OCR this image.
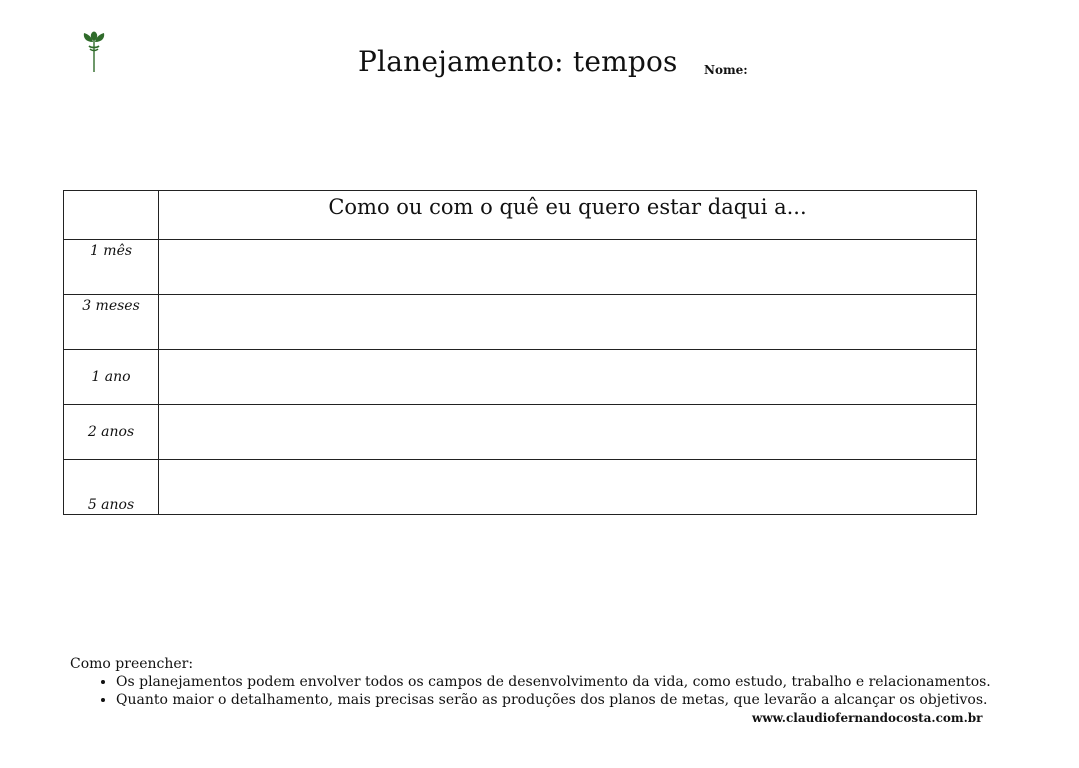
Planejamento: tempos Nome:
	Como ou com o quê eu quero estar daqui a...
1 mês	
3 meses	
1 ano	
2 anos	
5 anos	
Como preencher:
• Os planejamentos podem envolver todos os campos de desenvolvimento da vida, como estudo, trabalho e relacionamentos.
• Quanto maior o detalhamento, mais precisas serão as produções dos planos de metas, que levarão a alcançar os objetivos.
www.claudiofernandocosta.com.br
